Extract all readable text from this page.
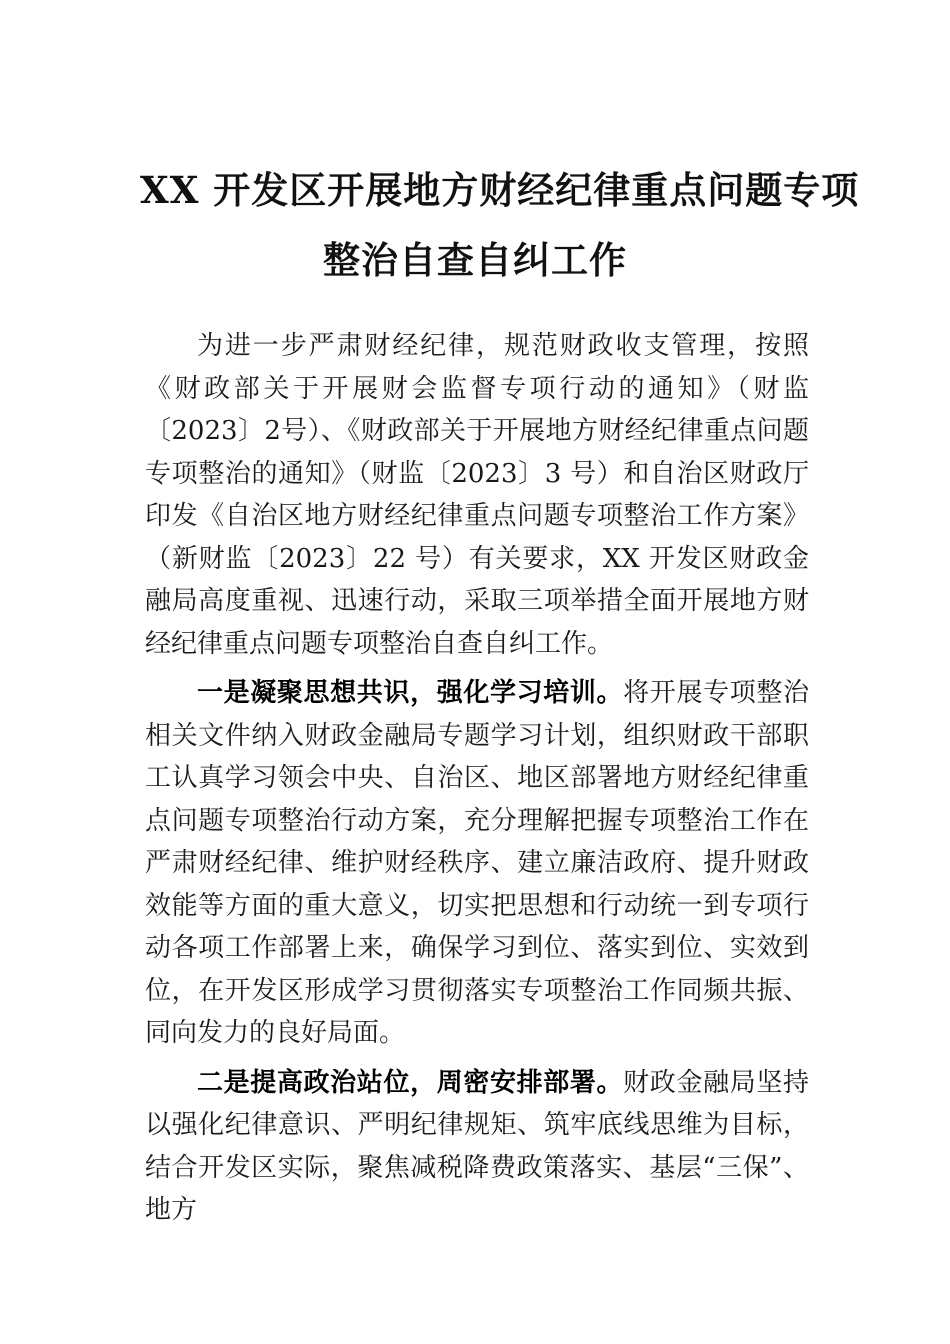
XX 开发区开展地方财经纪律重点问题专项
整治自查自纠工作

为进一步严肃财经纪律，规范财政收支管理，按照《财政部关于开展财会监督专项行动的通知》（财监〔2023〕2号）、《财政部关于开展地方财经纪律重点问题专项整治的通知》（财监〔2023〕3 号）和自治区财政厅印发《自治区地方财经纪律重点问题专项整治工作方案》（新财监〔2023〕22 号）有关要求，XX 开发区财政金融局高度重视、迅速行动，采取三项举措全面开展地方财经纪律重点问题专项整治自查自纠工作。

一是凝聚思想共识，强化学习培训。将开展专项整治相关文件纳入财政金融局专题学习计划，组织财政干部职工认真学习领会中央、自治区、地区部署地方财经纪律重点问题专项整治行动方案，充分理解把握专项整治工作在严肃财经纪律、维护财经秩序、建立廉洁政府、提升财政效能等方面的重大意义，切实把思想和行动统一到专项行动各项工作部署上来，确保学习到位、落实到位、实效到位，在开发区形成学习贯彻落实专项整治工作同频共振、同向发力的良好局面。

二是提高政治站位，周密安排部署。财政金融局坚持以强化纪律意识、严明纪律规矩、筑牢底线思维为目标，结合开发区实际，聚焦减税降费政策落实、基层“三保”、 地方
